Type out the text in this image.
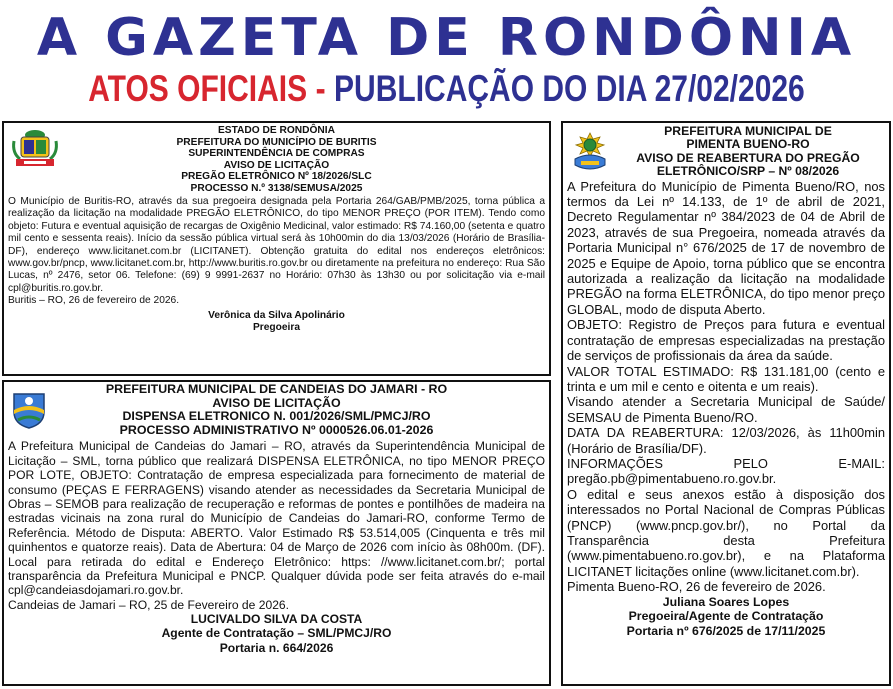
A GAZETA DE RONDÔNIA
ATOS OFICIAIS - PUBLICAÇÃO DO DIA 27/02/2026
ESTADO DE RONDÔNIA
PREFEITURA DO MUNICÍPIO DE BURITIS
SUPERINTENDÊNCIA DE COMPRAS
AVISO DE LICITAÇÃO
PREGÃO ELETRÔNICO Nº 18/2026/SLC
PROCESSO N.º 3138/SEMUSA/2025
O Município de Buritis-RO, através da sua pregoeira designada pela Portaria 264/GAB/PMB/2025, torna pública a realização da licitação na modalidade PREGÃO ELETRÔNICO, do tipo MENOR PREÇO (POR ITEM). Tendo como objeto: Futura e eventual aquisição de recargas de Oxigênio Medicinal, valor estimado: R$ 74.160,00 (setenta e quatro mil cento e sessenta reais). Início da sessão pública virtual será às 10h00min do dia 13/03/2026 (Horário de Brasília-DF), endereço www.licitanet.com.br (LICITANET). Obtenção gratuita do edital nos endereços eletrônicos: www.gov.br/pncp, www.licitanet.com.br, http://www.buritis.ro.gov.br ou diretamente na prefeitura no endereço: Rua São Lucas, nº 2476, setor 06. Telefone: (69) 9 9991-2637 no Horário: 07h30 às 13h30 ou por solicitação via e-mail cpl@buritis.ro.gov.br.
Buritis – RO, 26 de fevereiro de 2026.
Verônica da Silva Apolinário
Pregoeira
PREFEITURA MUNICIPAL DE CANDEIAS DO JAMARI - RO
AVISO DE LICITAÇÃO
DISPENSA ELETRONICO N. 001/2026/SML/PMCJ/RO
PROCESSO ADMINISTRATIVO Nº 0000526.06.01-2026
A Prefeitura Municipal de Candeias do Jamari – RO, através da Superintendência Municipal de Licitação – SML, torna público que realizará DISPENSA ELETRÔNICA, no tipo MENOR PREÇO POR LOTE, OBJETO: Contratação de empresa especializada para fornecimento de material de consumo (PEÇAS E FERRAGENS) visando atender as necessidades da Secretaria Municipal de Obras – SEMOB para realização de recuperação e reformas de pontes e pontilhões de madeira na estradas vicinais na zona rural do Município de Candeias do Jamari-RO, conforme Termo de Referência. Método de Disputa: ABERTO. Valor Estimado R$ 53.514,005 (Cinquenta e três mil quinhentos e quatorze reais). Data de Abertura: 04 de Março de 2026 com início às 08h00m. (DF). Local para retirada do edital e Endereço Eletrônico: https: //www.licitanet.com.br/; portal transparência da Prefeitura Municipal e PNCP. Qualquer dúvida pode ser feita através do e-mail cpl@candeiasdojamari.ro.gov.br.
Candeias de Jamari – RO, 25 de Fevereiro de 2026.
LUCIVALDO SILVA DA COSTA
Agente de Contratação – SML/PMCJ/RO
Portaria n. 664/2026
PREFEITURA MUNICIPAL DE
PIMENTA BUENO-RO
AVISO DE REABERTURA DO PREGÃO
ELETRÔNICO/SRP – Nº 08/2026

A Prefeitura do Município de Pimenta Bueno/RO, nos termos da Lei nº 14.133, de 1º de abril de 2021, Decreto Regulamentar nº 384/2023 de 04 de Abril de 2023, através de sua Pregoeira, nomeada através da Portaria Municipal n° 676/2025 de 17 de novembro de 2025 e Equipe de Apoio, torna público que se encontra autorizada a realização da licitação na modalidade PREGÃO na forma ELETRÔNICA, do tipo menor preço GLOBAL, modo de disputa Aberto.

OBJETO: Registro de Preços para futura e eventual contratação de empresas especializadas na prestação de serviços de profissionais da área da saúde.

VALOR TOTAL ESTIMADO: R$ 131.181,00 (cento e trinta e um mil e cento e oitenta e um reais).

Visando atender a Secretaria Municipal de Saúde/ SEMSAU de Pimenta Bueno/RO.

DATA DA REABERTURA: 12/03/2026, às 11h00min (Horário de Brasília/DF).

INFORMAÇÕES PELO E-MAIL: pregão.pb@pimentabueno.ro.gov.br.

O edital e seus anexos estão à disposição dos interessados no Portal Nacional de Compras Públicas (PNCP) (www.pncp.gov.br/), no Portal da Transparência desta Prefeitura (www.pimentabueno.ro.gov.br), e na Plataforma LICITANET licitações online (www.licitanet.com.br).

Pimenta Bueno-RO, 26 de fevereiro de 2026.
Juliana Soares Lopes
Pregoeira/Agente de Contratação
Portaria nº 676/2025 de 17/11/2025
